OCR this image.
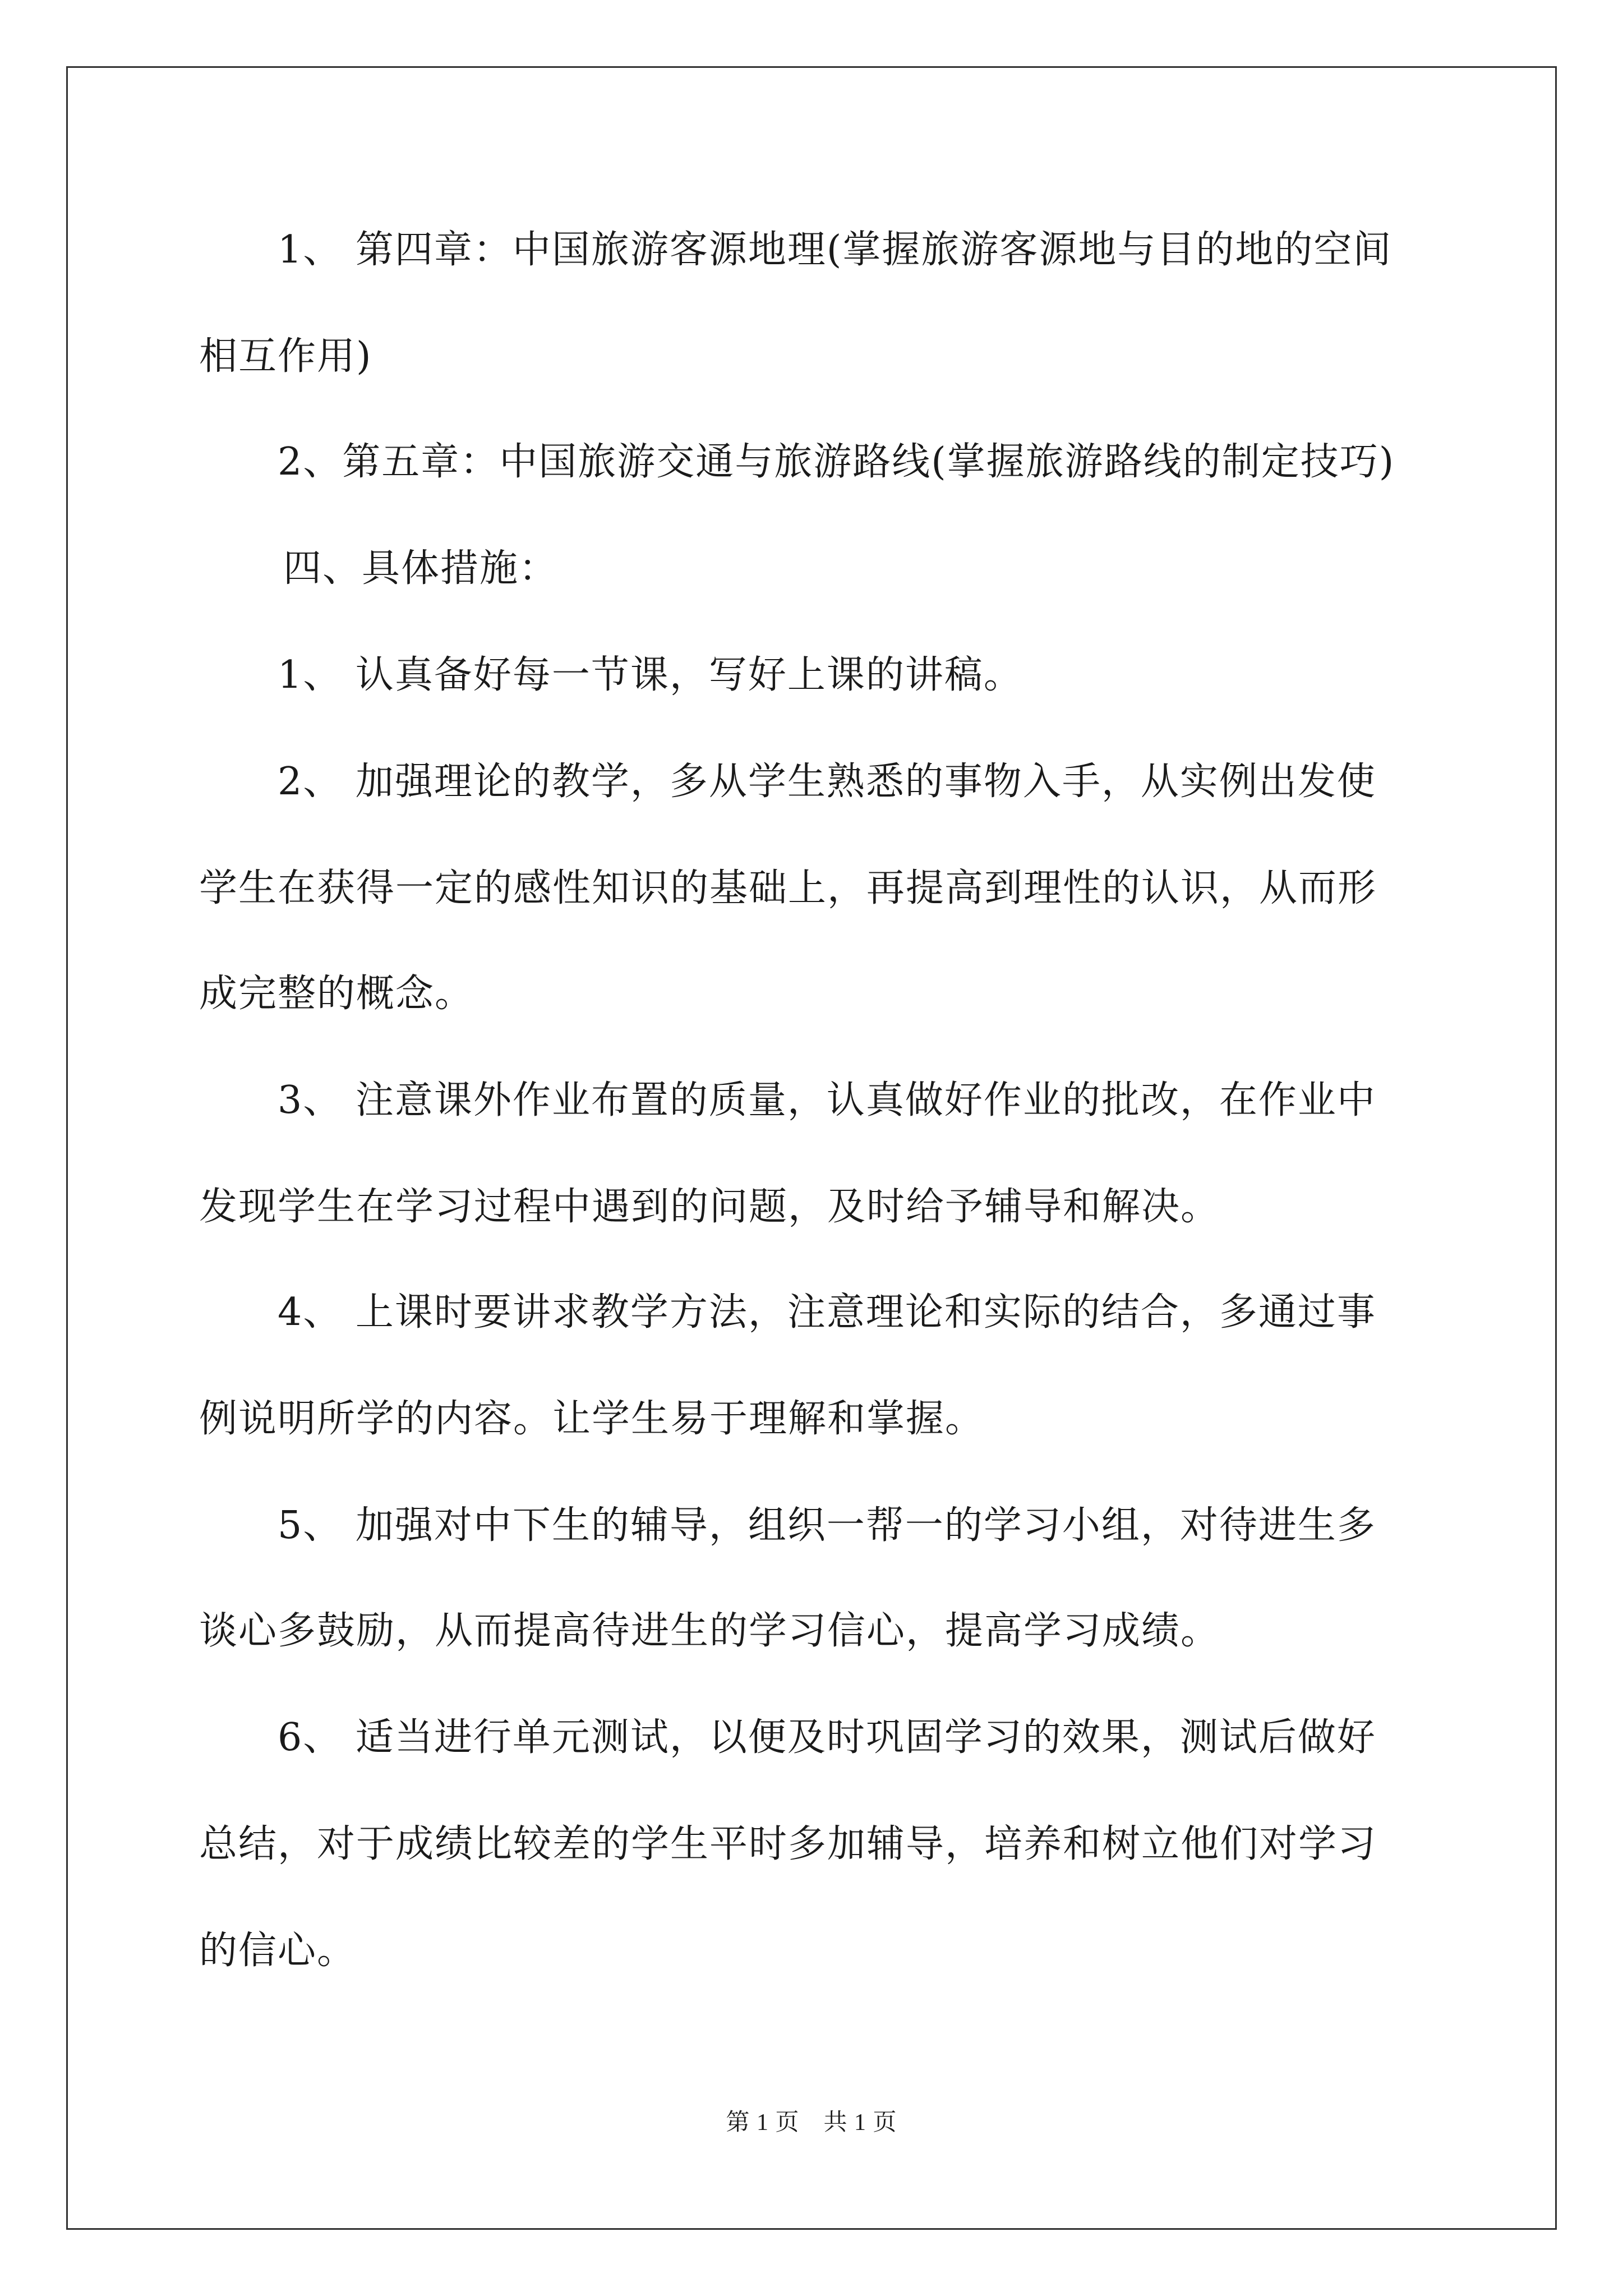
1、 第四章：中国旅游客源地理(掌握旅游客源地与目的地的空间
相互作用)
2、第五章：中国旅游交通与旅游路线(掌握旅游路线的制定技巧)
四、具体措施：
1、 认真备好每一节课，写好上课的讲稿。
2、 加强理论的教学，多从学生熟悉的事物入手，从实例出发使
学生在获得一定的感性知识的基础上，再提高到理性的认识，从而形
成完整的概念。
3、 注意课外作业布置的质量，认真做好作业的批改，在作业中
发现学生在学习过程中遇到的问题，及时给予辅导和解决。
4、 上课时要讲求教学方法，注意理论和实际的结合，多通过事
例说明所学的内容。让学生易于理解和掌握。
5、 加强对中下生的辅导，组织一帮一的学习小组，对待进生多
谈心多鼓励，从而提高待进生的学习信心，提高学习成绩。
6、 适当进行单元测试，以便及时巩固学习的效果，测试后做好
总结，对于成绩比较差的学生平时多加辅导，培养和树立他们对学习
的信心。
第 1 页　共 1 页
